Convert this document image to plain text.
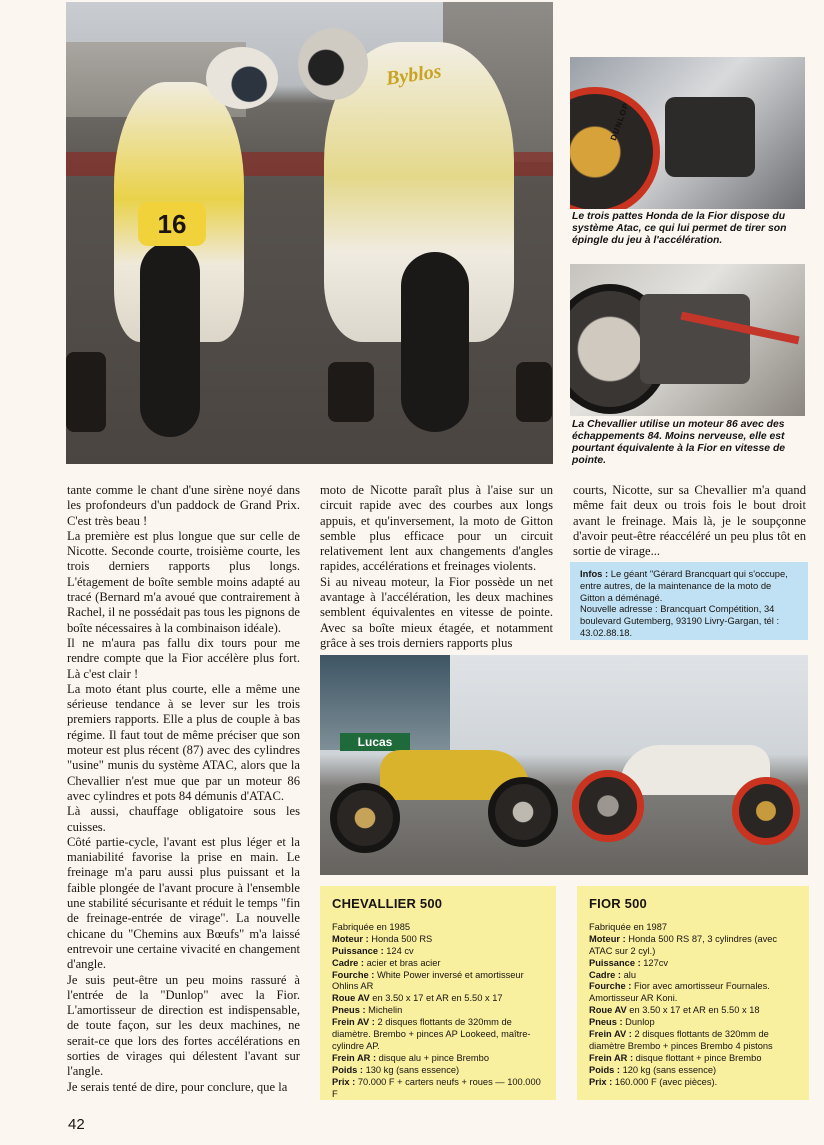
16
Byblos
DUNLOP
Le trois pattes Honda de la Fior dispose du système Atac, ce qui lui permet de tirer son épingle du jeu à l'accélération.
La Chevallier utilise un moteur 86 avec des échappements 84. Moins nerveuse, elle est pourtant équivalente à la Fior en vitesse de pointe.

tante comme le chant d'une sirène noyé dans les profondeurs d'un paddock de Grand Prix. C'est très beau !

La première est plus longue que sur celle de Nicotte. Seconde courte, troisième courte, les trois derniers rapports plus longs. L'étagement de boîte semble moins adapté au tracé (Bernard m'a avoué que contrairement à Rachel, il ne possédait pas tous les pignons de boîte nécessaires à la combinaison idéale).

Il ne m'aura pas fallu dix tours pour me rendre compte que la Fior accélère plus fort. Là c'est clair !

La moto étant plus courte, elle a même une sérieuse tendance à se lever sur les trois premiers rapports. Elle a plus de couple à bas régime. Il faut tout de même préciser que son moteur est plus récent (87) avec des cylindres "usine" munis du système ATAC, alors que la Chevallier n'est mue que par un moteur 86 avec cylindres et pots 84 démunis d'ATAC.

Là aussi, chauffage obligatoire sous les cuisses.

Côté partie-cycle, l'avant est plus léger et la maniabilité favorise la prise en main. Le freinage m'a paru aussi plus puissant et la faible plongée de l'avant procure à l'ensemble une stabilité sécurisante et réduit le temps "fin de freinage-entrée de virage". La nouvelle chicane du "Chemins aux Bœufs" m'a laissé entrevoir une certaine vivacité en changement d'angle.

Je suis peut-être un peu moins rassuré à l'entrée de la "Dunlop" avec la Fior. L'amortisseur de direction est indispensable, de toute façon, sur les deux machines, ne serait-ce que lors des fortes accélérations en sorties de virages qui délestent l'avant sur l'angle.

Je serais tenté de dire, pour conclure, que la

moto de Nicotte paraît plus à l'aise sur un circuit rapide avec des courbes aux longs appuis, et qu'inversement, la moto de Gitton semble plus efficace pour un circuit relativement lent aux changements d'angles rapides, accélérations et freinages violents.

Si au niveau moteur, la Fior possède un net avantage à l'accélération, les deux machines semblent équivalentes en vitesse de pointe. Avec sa boîte mieux étagée, et notamment grâce à ses trois derniers rapports plus

courts, Nicotte, sur sa Chevallier m'a quand même fait deux ou trois fois le bout droit avant le freinage. Mais là, je le soupçonne d'avoir peut-être réaccéléré un peu plus tôt en sortie de virage...

Infos : Le géant "Gérard Brancquart qui s'occupe, entre autres, de la maintenance de la moto de Gitton a déménagé.
Nouvelle adresse : Brancquart Compétition, 34 boulevard Gutemberg, 93190 Livry-Gargan, tél : 43.02.88.18.
Lucas
CHEVALLIER 500
Fabriquée en 1985
Moteur : Honda 500 RS
Puissance : 124 cv
Cadre : acier et bras acier
Fourche : White Power inversé et amortisseur Ohlins AR
Roue AV en 3.50 x 17 et AR en 5.50 x 17
Pneus : Michelin
Frein AV : 2 disques flottants de 320mm de diamètre. Brembo + pinces AP Lookeed, maître-cylindre AP.
Frein AR : disque alu + pince Brembo
Poids : 130 kg (sans essence)
Prix : 70.000 F + carters neufs + roues — 100.000 F
FIOR 500
Fabriquée en 1987
Moteur : Honda 500 RS 87, 3 cylindres (avec ATAC sur 2 cyl.)
Puissance : 127cv
Cadre : alu
Fourche : Fior avec amortisseur Fournales. Amortisseur AR Koni.
Roue AV en 3.50 x 17 et AR en 5.50 x 18
Pneus : Dunlop
Frein AV : 2 disques flottants de 320mm de diamètre Brembo + pinces Brembo 4 pistons
Frein AR : disque flottant + pince Brembo
Poids : 120 kg (sans essence)
Prix : 160.000 F (avec pièces).
42
